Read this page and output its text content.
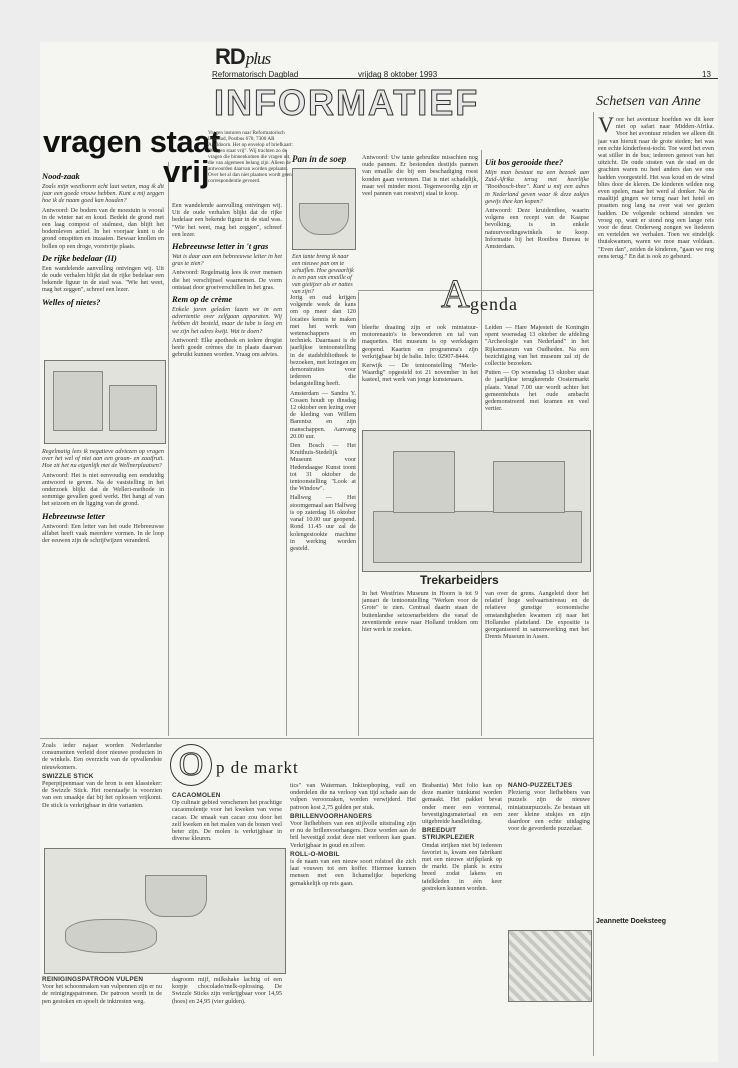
RDplus
Reformatorisch Dagblad	vrijdag 8 oktober 1993	13
INFORMATIEF	Schetsen van Anne
vragen staat
vrij
Vragen insturen naar Reformatorisch Dagblad, Postbus 670, 7300 AR Apeldoorn. Het op envelop of briefkaart: "Vragen staat vrij". Wij trachten zo de vragen die binnenkomen die vragen uit, die van algemeen belang zijn. Alleen de antwoorden daarvan worden geplaatst. Over het al dan niet plaatsen wordt geen correspondentie gevoerd.
Nood-zaak

Zoals mijn weethoren echt laat weten, mag ik dit jaar een goede vrouw hebben. Kunt u mij zeggen hoe ik de naam goed kan houden?

Antwoord: De bodem van de moestuin is vooral in de winter nat en koud. Bedekt de grond met een laag compost of stalmest, dan blijft het bodemleven actief. In het voorjaar kunt u de grond omspitten en inzaaien. Bewaar knollen en bollen op een droge, vorstvrije plaats.

De rijke bedelaar (II)

Een wandelende aanvulling ontvingen wij. Uit de oude verhalen blijkt dat de rijke bedelaar een bekende figuur in de stad was. "Wie het weet, mag het zeggen", schreef een lezer.

Welles of nietes?

Regelmatig lees ik negatieve adviezen op vragen over het wel of niet aan een graan- en zaaifruit. Hoe zit het nu eigenlijk met de Wellnerplaatsen?

Antwoord: Het is niet eenvoudig een eenduidig antwoord te geven. Na de vaststelling in het onderzoek blijkt dat de Welleri-methode in sommige gevallen goed werkt. Het hangt af van het seizoen en de ligging van de grond.

Hebreeuwse letter

Antwoord: Een letter van het oude Hebreeuwse alfabet heeft vaak meerdere vormen. In de loop der eeuwen zijn de schrijfwijzen veranderd.

Een wandelende aanvulling ontvingen wij. Uit de oude verhalen blijkt dat de rijke bedelaar een bekende figuur in de stad was. "Wie het weet, mag het zeggen", schreef een lezer.

Hebreeuwse letter in 't gras

Wat is daar aan een hebreeuwse letter in het gras te zien?

Antwoord: Regelmatig lees ik over mensen die het verschijnsel waarnemen. De vorm ontstaat door groeiverschillen in het gras.

Rem op de crème

Enkele jaren geleden lazen we in een advertentie over zelfgaan apparaten. Wij hebben dit besteld, maar de tube is leeg en we zijn het adres kwijt. Wat te doen?

Antwoord: Elke apotheek en iedere drogist heeft goede crèmes die in plaats daarvan gebruikt kunnen worden. Vraag om advies.

Pan in de soep
Een tante breng ik naar een nieuwe pan om te schuiflen. Hoe gewaarlijk is een pan van emaille of van gietijzer als er nattes van zijn?

Jorig en oud krijgen volgende week de kans om op meer dan 120 locaties kennis te maken met het werk van wetenschappers en techniek. Daarnaast is de jaarlijkse tentoonstelling in de stadsbibliotheek te bezoeken, met lezingen en demonstraties voor iedereen die belangstelling heeft.

Amsterdam — Sandra Y. Cossen houdt op dinsdag 12 oktober een lezing over de kleding van Willem Barentsz en zijn manschappen. Aanvang 20.00 uur.

Den Bosch — Het Kruithuis-Stedelijk Museum voor Hedendaagse Kunst toont tot 31 oktober de tentoonstelling "Look at the Window".

Hallweg — Het stoomgemaal aan Halfweg is op zaterdag 16 oktober vanaf 10.00 uur geopend. Rond 11.45 uur zal de kolengestookte machine in werking worden gesteld.

Antwoord: Uw tante gebruikte misschien nog oude pannen. Er bestonden destijds pannen van emaille die bij een beschadiging roest konden gaan vertonen. Dat is niet schadelijk, maar wel minder mooi. Tegenwoordig zijn er veel pannen van roestvrij staal te koop.

Uit bos gerooide thee?

Mijn man bestaat na een bezoek aan Zuid-Afrika terug met heerlijke "Rooibosch-thee". Kunt u mij een adres in Nederland geven waar ik deze zakjes gewijs thee kan kopen?

Antwoord: Deze kruidenthee, waarin volgens een recept van de Kaapse bevolking, is in enkele natuurvoedingswinkels te koop. Informatie bij het Rooibos Bureau te Amsterdam.

A genda

bleefte draaiing zijn er ook miniatuur-motorenauto's te bewonderen en tal van maquettes. Het museum is op werkdagen geopend. Kaarten en programma's zijn verkrijgbaar bij de balie. Info: 02907-8444.

Kerwijk — De tentoonstelling "Merle-Waardig" opgesteld tot 21 november in het kasteel, met werk van jonge kunstenaars.

Leiden — Hare Majesteit de Koningin opent woensdag 13 oktober de afdeling "Archeologie van Nederland" in het Rijksmuseum van Oudheden. Na een bezichtiging van het museum zal zij de collectie bezoeken.

Putten — Op woensdag 13 oktober staat de jaarlijkse terugkerende Oostermarkt plaats. Vanaf 7.00 uur wordt achter het gemeentehuis het oude ambacht gedemonstreerd met kramen en veel vertier.

Trekarbeiders

In het Westfries Museum in Hoorn is tot 9 januari de tentoonstelling "Werken voor de Grote" te zien. Centraal daarin staan de buitenlandse seizoenarbeiders die vanaf de zeventiende eeuw naar Holland trokken om hier werk te zoeken.

van over de grens. Aangeleid door het relatief hoge welvaartsniveau en de relatieve gunstige economische omstandigheden kwamen zij naar het Hollandse platteland. De expositie is georganiseerd in samenwerking met het Drents Museum in Assen.

O p de markt

Zoals ieder najaar worden Nederlandse consumenten verleid door nieuwe producten in de winkels. Een overzicht van de opvallendste nieuwkomers.

SWIZZLE STICK

Peperpijpenmaar van de bron is een klassieker: de Swizzle Stick. Het roerstaafje is voorzien van een smaakje dat bij het oplossen vrijkomt. De stick is verkrijgbaar in drie varianten.

dagroom mijf, milkshake lachtig of een korpje chocolade/melk-oplossing. De Swizzle Sticks zijn verkrijgbaar voor 14,95 (hoes) en 24,95 (vier gulden).

CACAOMOLEN

Op culinair gebied verschenen het prachtige cacaomolentje voor het kweken van verse cacao. De smaak van cacao zou door het zelf kweken en het malen van de bonen veel beter zijn. De molen is verkrijgbaar in diverse kleuren.

REINIGINGSPATROON VULPEN

Voor het schoonmaken van vulpennen zijn er nu de reinigingspatronen. De patroon wordt in de pen gestoken en spoelt de inktresten weg.

tics" van Waterman. Inktsophoping, vuil en onderdelen die na verloop van tijd schade aan de vulpen veroorzaken, worden verwijderd. Het patroon kost 2,75 gulden per stuk.

BRILLENVOORHANGERS

Voor liefhebbers van een stijlvolle uitstraling zijn er nu de brillenvoorhangers. Deze worden aan de bril bevestigd zodat deze niet verloren kan gaan. Verkrijgbaar in goud en zilver.

ROLL-O-MOBIL

is de naam van een nieuw soort rolstoel die zich laat vouwen tot een koffer. Hiermee kunnen mensen met een lichamelijke beperking gemakkelijk op reis gaan.

Brabantia) Met folio kan op deze manier tuinkunst worden gemaakt. Het pakket bevat onder meer een vormmal, bevestigingsmateriaal en een uitgebreide handleiding.

BREEDUIT STRIJKPLEZIER

Omdat strijken niet bij iedereen favoriet is, kwam een fabrikant met een nieuwe strijkplank op de markt. De plank is extra breed zodat lakens en tafelkleden in één keer gestreken kunnen worden.

NANO-PUZZELTJES

Plezierig voor liefhebbers van puzzels zijn de nieuwe miniatuurpuzzels. Ze bestaan uit zeer kleine stukjes en zijn daardoor een echte uitdaging voor de gevorderde puzzelaar.

Jeannette Doeksteeg

Voor het avontuur hoefden we dit keer niet op safari naar Midden-Afrika. Voor het avontuur reisden we alleen dit jaar van hieruit naar de grote steden; het was een echte kinderfeest-tocht. Toe werd het even wat stiller in de bus; iedereen genoot van het uitzicht. De oude straten van de stad en de grachten waren nu heel anders dan we ons hadden voorgesteld. Het was koud en de wind blies door de kleren. De kinderen wilden nog even spelen, maar het werd al donker. Na de maaltijd gingen we terug naar het hotel en praatten nog lang na over wat we gezien hadden. De volgende ochtend stonden we vroeg op, want er stond nog een lange reis voor de deur. Onderweg zongen we liederen en vertelden we verhalen. Toen we eindelijk thuiskwamen, waren we moe maar voldaan. "Even dan", zeiden de kinderen, "gaan we nog eens terug." En dat is ook zo gebeurd.
